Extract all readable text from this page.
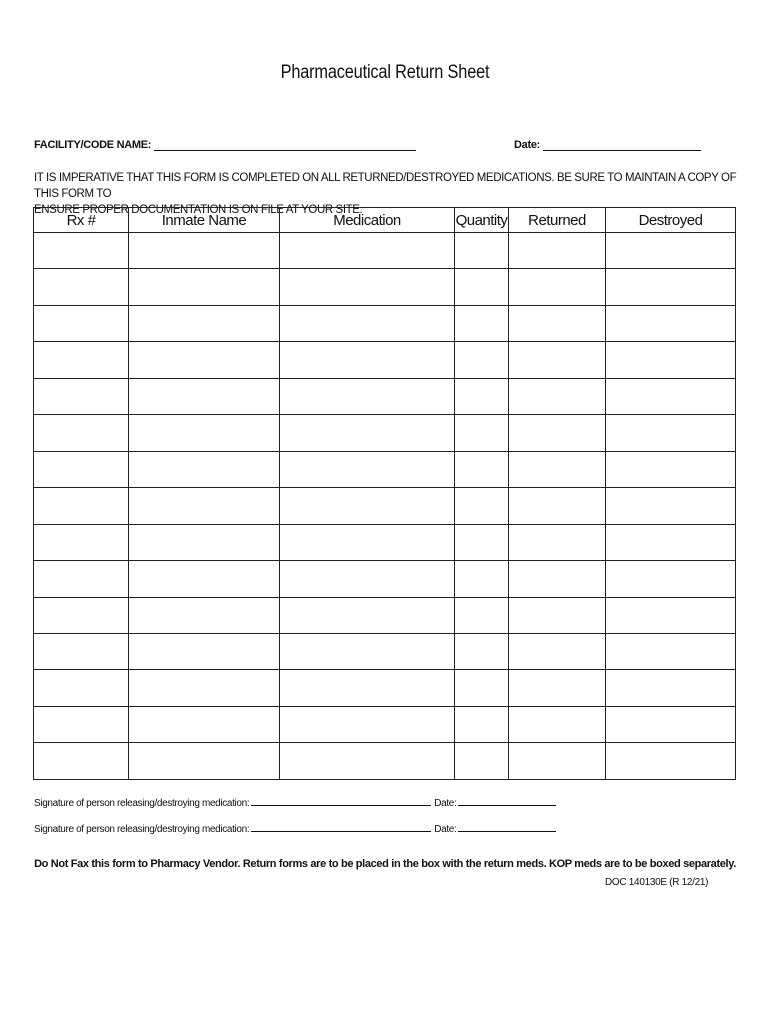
Pharmaceutical Return Sheet
FACILITY/CODE NAME:	Date:
IT IS IMPERATIVE THAT THIS FORM IS COMPLETED ON ALL RETURNED/DESTROYED MEDICATIONS. BE SURE TO MAINTAIN A COPY OF THIS FORM TO
ENSURE PROPER DOCUMENTATION IS ON FILE AT YOUR SITE.
Rx #	Inmate Name	Medication	Quantity	Returned	Destroyed

Signature of person releasing/destroying medication:	Date:
Signature of person releasing/destroying medication:	Date:
Do Not Fax this form to Pharmacy Vendor. Return forms are to be placed in the box with the return meds. KOP meds are to be boxed separately.
DOC 140130E (R 12/21)
